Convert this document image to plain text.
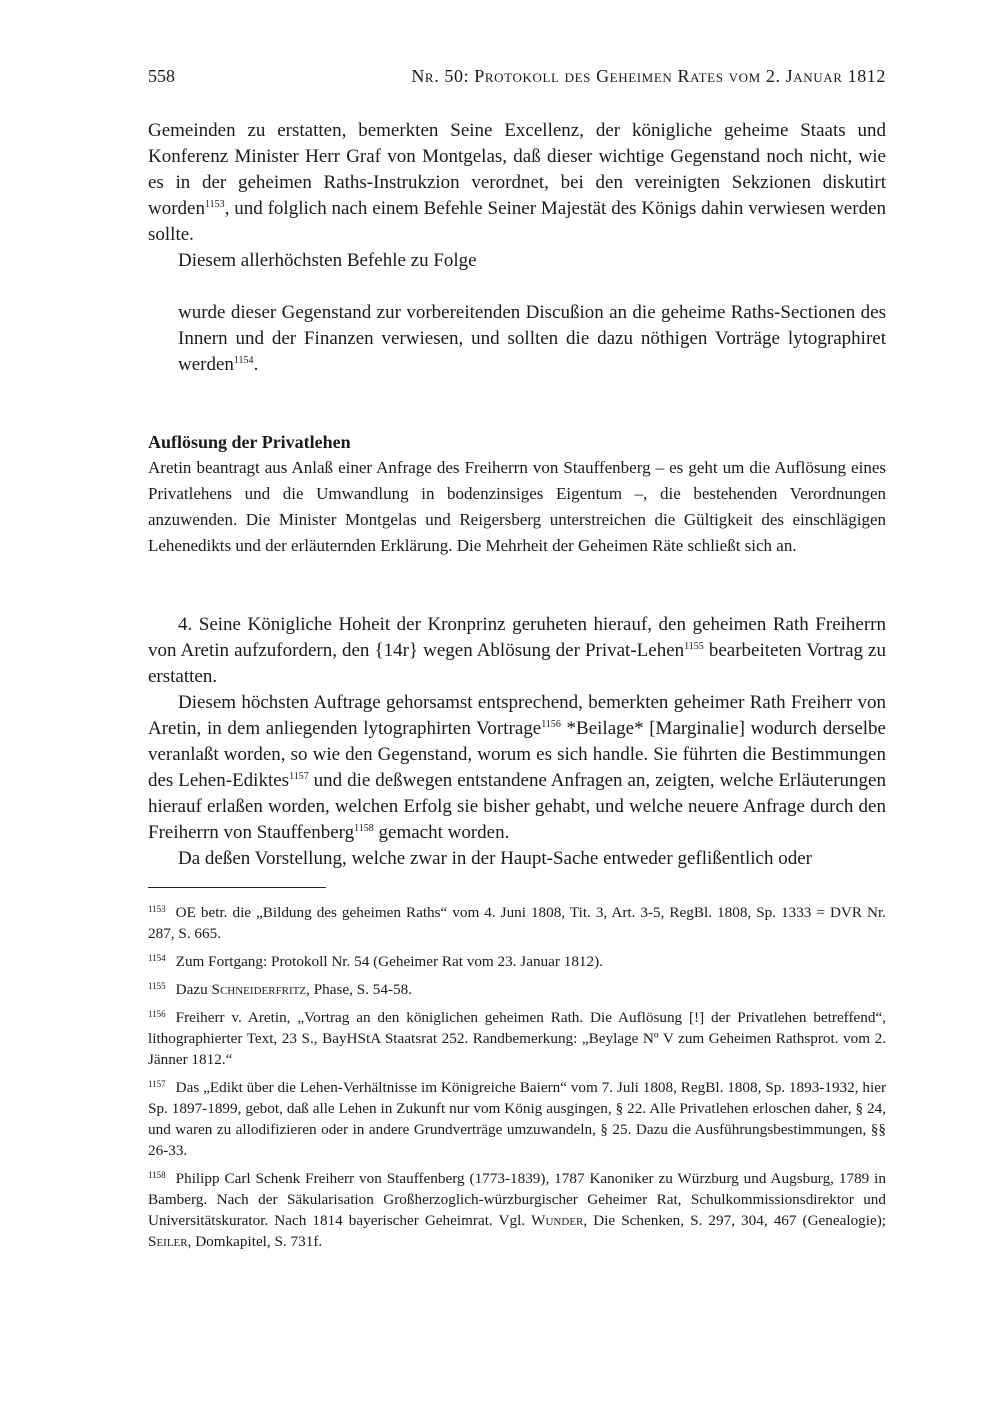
558	Nr. 50: Protokoll des Geheimen Rates vom 2. Januar 1812

Gemeinden zu erstatten, bemerkten Seine Excellenz, der königliche geheime Staats und Konferenz Minister Herr Graf von Montgelas, daß dieser wichtige Gegenstand noch nicht, wie es in der geheimen Raths-Instrukzion verordnet, bei den vereinigten Sekzionen diskutirt worden$^{1153}$, und folglich nach einem Befehle Seiner Majestät des Königs dahin verwiesen werden sollte.

Diesem allerhöchsten Befehle zu Folge

wurde dieser Gegenstand zur vorbereitenden Discußion an die geheime Raths-Sectionen des Innern und der Finanzen verwiesen, und sollten die dazu nöthigen Vorträge lytographiret werden$^{1154}$.

Auflösung der Privatlehen

Aretin beantragt aus Anlaß einer Anfrage des Freiherrn von Stauffenberg – es geht um die Auflösung eines Privatlehens und die Umwandlung in bodenzinsiges Eigentum –, die bestehenden Verordnungen anzuwenden. Die Minister Montgelas und Reigersberg unterstreichen die Gültigkeit des einschlägigen Lehenedikts und der erläuternden Erklärung. Die Mehrheit der Geheimen Räte schließt sich an.

4. Seine Königliche Hoheit der Kronprinz geruheten hierauf, den geheimen Rath Freiherrn von Aretin aufzufordern, den {14r} wegen Ablösung der Privat-Lehen$^{1155}$ bearbeiteten Vortrag zu erstatten.

Diesem höchsten Auftrage gehorsamst entsprechend, bemerkten geheimer Rath Freiherr von Aretin, in dem anliegenden lytographirten Vortrage$^{1156}$ *Beilage* [Marginalie] wodurch derselbe veranlaßt worden, so wie den Gegenstand, worum es sich handle. Sie führten die Bestimmungen des Lehen-Ediktes$^{1157}$ und die deßwegen entstandene Anfragen an, zeigten, welche Erläuterungen hierauf erlaßen worden, welchen Erfolg sie bisher gehabt, und welche neuere Anfrage durch den Freiherrn von Stauffenberg$^{1158}$ gemacht worden.

Da deßen Vorstellung, welche zwar in der Haupt-Sache entweder geflißentlich oder

$^{1153}$ OE betr. die „Bildung des geheimen Raths“ vom 4. Juni 1808, Tit. 3, Art. 3-5, RegBl. 1808, Sp. 1333 = DVR Nr. 287, S. 665.

$^{1154}$ Zum Fortgang: Protokoll Nr. 54 (Geheimer Rat vom 23. Januar 1812).

$^{1155}$ Dazu Schneiderfritz, Phase, S. 54-58.

$^{1156}$ Freiherr v. Aretin, „Vortrag an den königlichen geheimen Rath. Die Auflösung [!] der Privatlehen betreffend“, lithographierter Text, 23 S., BayHStA Staatsrat 252. Randbemerkung: „Beylage Nº V zum Geheimen Rathsprot. vom 2. Jänner 1812.“

$^{1157}$ Das „Edikt über die Lehen-Verhältnisse im Königreiche Baiern“ vom 7. Juli 1808, RegBl. 1808, Sp. 1893-1932, hier Sp. 1897-1899, gebot, daß alle Lehen in Zukunft nur vom König ausgingen, § 22. Alle Privatlehen erloschen daher, § 24, und waren zu allodifizieren oder in andere Grundverträge umzuwandeln, § 25. Dazu die Ausführungsbestimmungen, §§ 26-33.

$^{1158}$ Philipp Carl Schenk Freiherr von Stauffenberg (1773-1839), 1787 Kanoniker zu Würzburg und Augsburg, 1789 in Bamberg. Nach der Säkularisation Großherzoglich-würzburgischer Geheimer Rat, Schulkommissionsdirektor und Universitätskurator. Nach 1814 bayerischer Geheimrat. Vgl. Wunder, Die Schenken, S. 297, 304, 467 (Genealogie); Seiler, Domkapitel, S. 731f.
